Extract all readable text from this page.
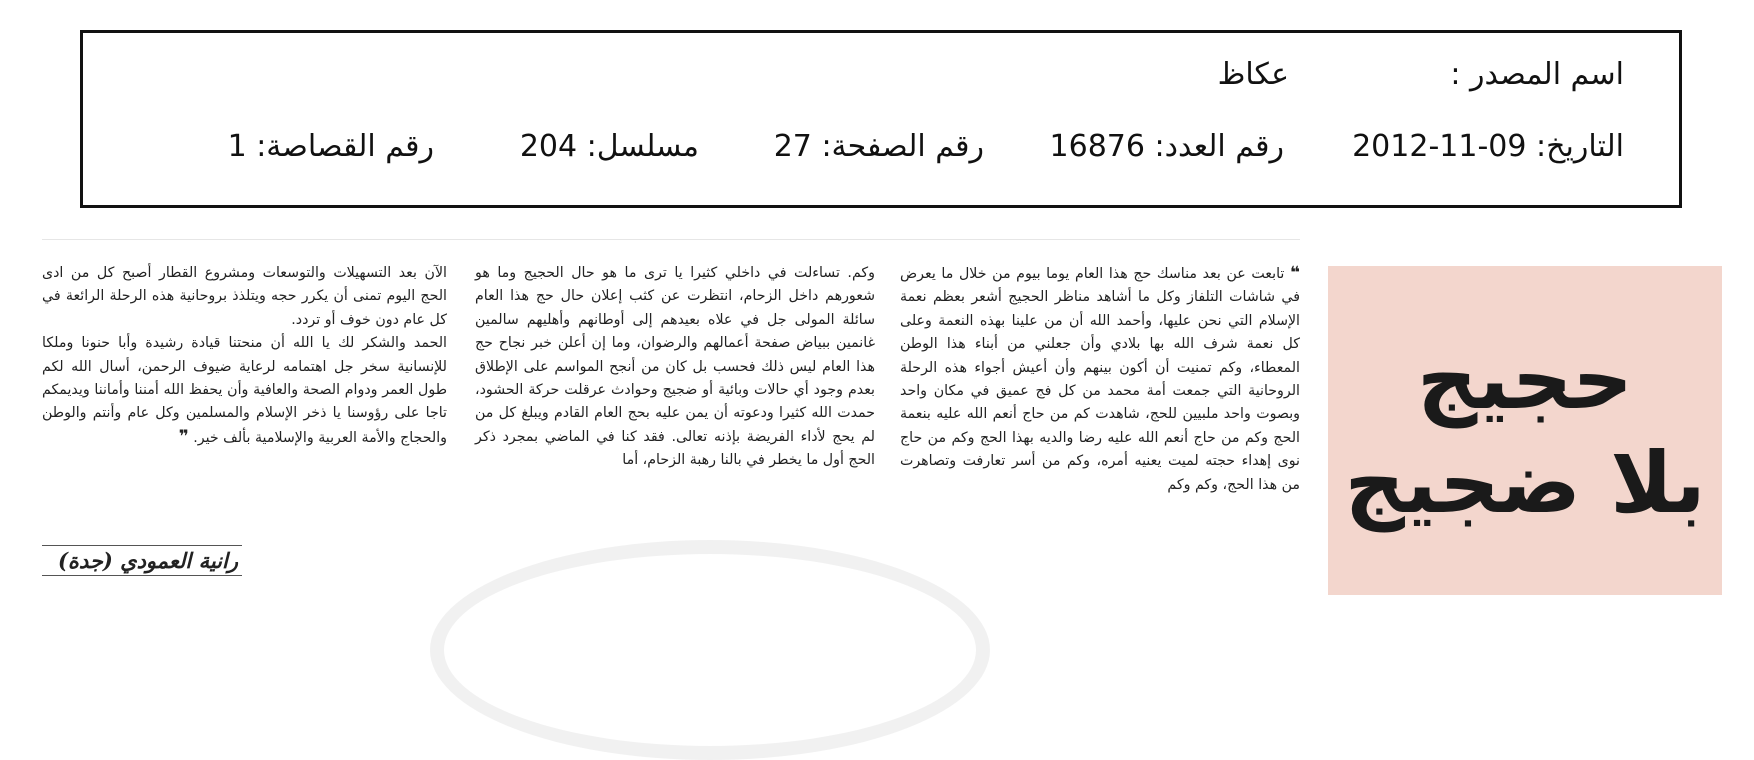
اسم المصدر :
عكاظ
التاريخ: 09-11-2012
رقم العدد: 16876
رقم الصفحة: 27
مسلسل: 204
رقم القصاصة: 1
حجيج
بلا ضجيج

❝ تابعت عن بعد مناسك حج هذا العام يوما بيوم من خلال ما يعرض في شاشات التلفاز وكل ما أشاهد مناظر الحجيج أشعر بعظم نعمة الإسلام التي نحن عليها، وأحمد الله أن من علينا بهذه النعمة وعلى كل نعمة شرف الله بها بلادي وأن جعلني من أبناء هذا الوطن المعطاء، وكم تمنيت أن أكون بينهم وأن أعيش أجواء هذه الرحلة الروحانية التي جمعت أمة محمد من كل فج عميق في مكان واحد وبصوت واحد ملبيين للحج، شاهدت كم من حاج أنعم الله عليه بنعمة الحج وكم من حاج أنعم الله عليه رضا والديه بهذا الحج وكم من حاج نوى إهداء حجته لميت يعنيه أمره، وكم من أسر تعارفت وتصاهرت من هذا الحج، وكم وكم

وكم. تساءلت في داخلي كثيرا يا ترى ما هو حال الحجيج وما هو شعورهم داخل الزحام، انتظرت عن كثب إعلان حال حج هذا العام سائلة المولى جل في علاه بعيدهم إلى أوطانهم وأهليهم سالمين غانمين ببياض صفحة أعمالهم والرضوان، وما إن أعلن خبر نجاح حج هذا العام ليس ذلك فحسب بل كان من أنجح المواسم على الإطلاق بعدم وجود أي حالات وبائية أو ضجيج وحوادث عرقلت حركة الحشود، حمدت الله كثيرا ودعوته أن يمن عليه بحج العام القادم ويبلغ كل من لم يحج لأداء الفريضة بإذنه تعالى. فقد كنا في الماضي بمجرد ذكر الحج أول ما يخطر في بالنا رهبة الزحام، أما

الآن بعد التسهيلات والتوسعات ومشروع القطار أصبح كل من ادى الحج اليوم تمنى أن يكرر حجه ويتلذذ بروحانية هذه الرحلة الرائعة في كل عام دون خوف أو تردد.

الحمد والشكر لك يا الله أن منحتنا قيادة رشيدة وأبا حنونا وملكا للإنسانية سخر جل اهتمامه لرعاية ضيوف الرحمن، أسال الله لكم طول العمر ودوام الصحة والعافية وأن يحفظ الله أمننا وأماننا ويديمكم تاجا على رؤوسنا يا ذخر الإسلام والمسلمين وكل عام وأنتم والوطن والحجاج والأمة العربية والإسلامية بألف خير. ❞

رانية العمودي (جدة)
